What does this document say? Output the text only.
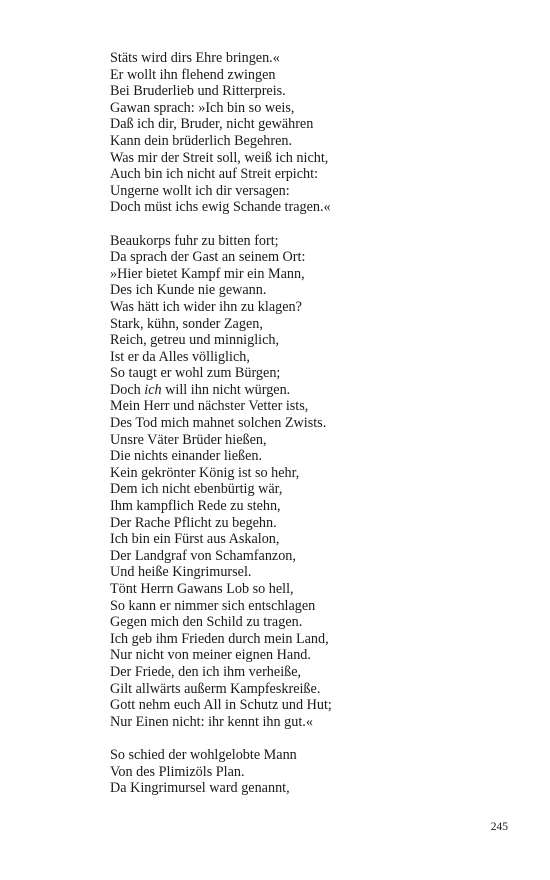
Stäts wird dirs Ehre bringen.«
Er wollt ihn flehend zwingen
Bei Bruderlieb und Ritterpreis.
Gawan sprach: »Ich bin so weis,
Daß ich dir, Bruder, nicht gewähren
Kann dein brüderlich Begehren.
Was mir der Streit soll, weiß ich nicht,
Auch bin ich nicht auf Streit erpicht:
Ungerne wollt ich dir versagen:
Doch müst ichs ewig Schande tragen.«
Beaukorps fuhr zu bitten fort;
Da sprach der Gast an seinem Ort:
»Hier bietet Kampf mir ein Mann,
Des ich Kunde nie gewann.
Was hätt ich wider ihn zu klagen?
Stark, kühn, sonder Zagen,
Reich, getreu und minniglich,
Ist er da Alles völliglich,
So taugt er wohl zum Bürgen;
Doch ich will ihn nicht würgen.
Mein Herr und nächster Vetter ists,
Des Tod mich mahnet solchen Zwists.
Unsre Väter Brüder hießen,
Die nichts einander ließen.
Kein gekrönter König ist so hehr,
Dem ich nicht ebenbürtig wär,
Ihm kampflich Rede zu stehn,
Der Rache Pflicht zu begehn.
Ich bin ein Fürst aus Askalon,
Der Landgraf von Schamfanzon,
Und heiße Kingrimursel.
Tönt Herrn Gawans Lob so hell,
So kann er nimmer sich entschlagen
Gegen mich den Schild zu tragen.
Ich geb ihm Frieden durch mein Land,
Nur nicht von meiner eignen Hand.
Der Friede, den ich ihm verheiße,
Gilt allwärts außerm Kampfeskreiße.
Gott nehm euch All in Schutz und Hut;
Nur Einen nicht: ihr kennt ihn gut.«
So schied der wohlgelobte Mann
Von des Plimizöls Plan.
Da Kingrimursel ward genannt,
245
